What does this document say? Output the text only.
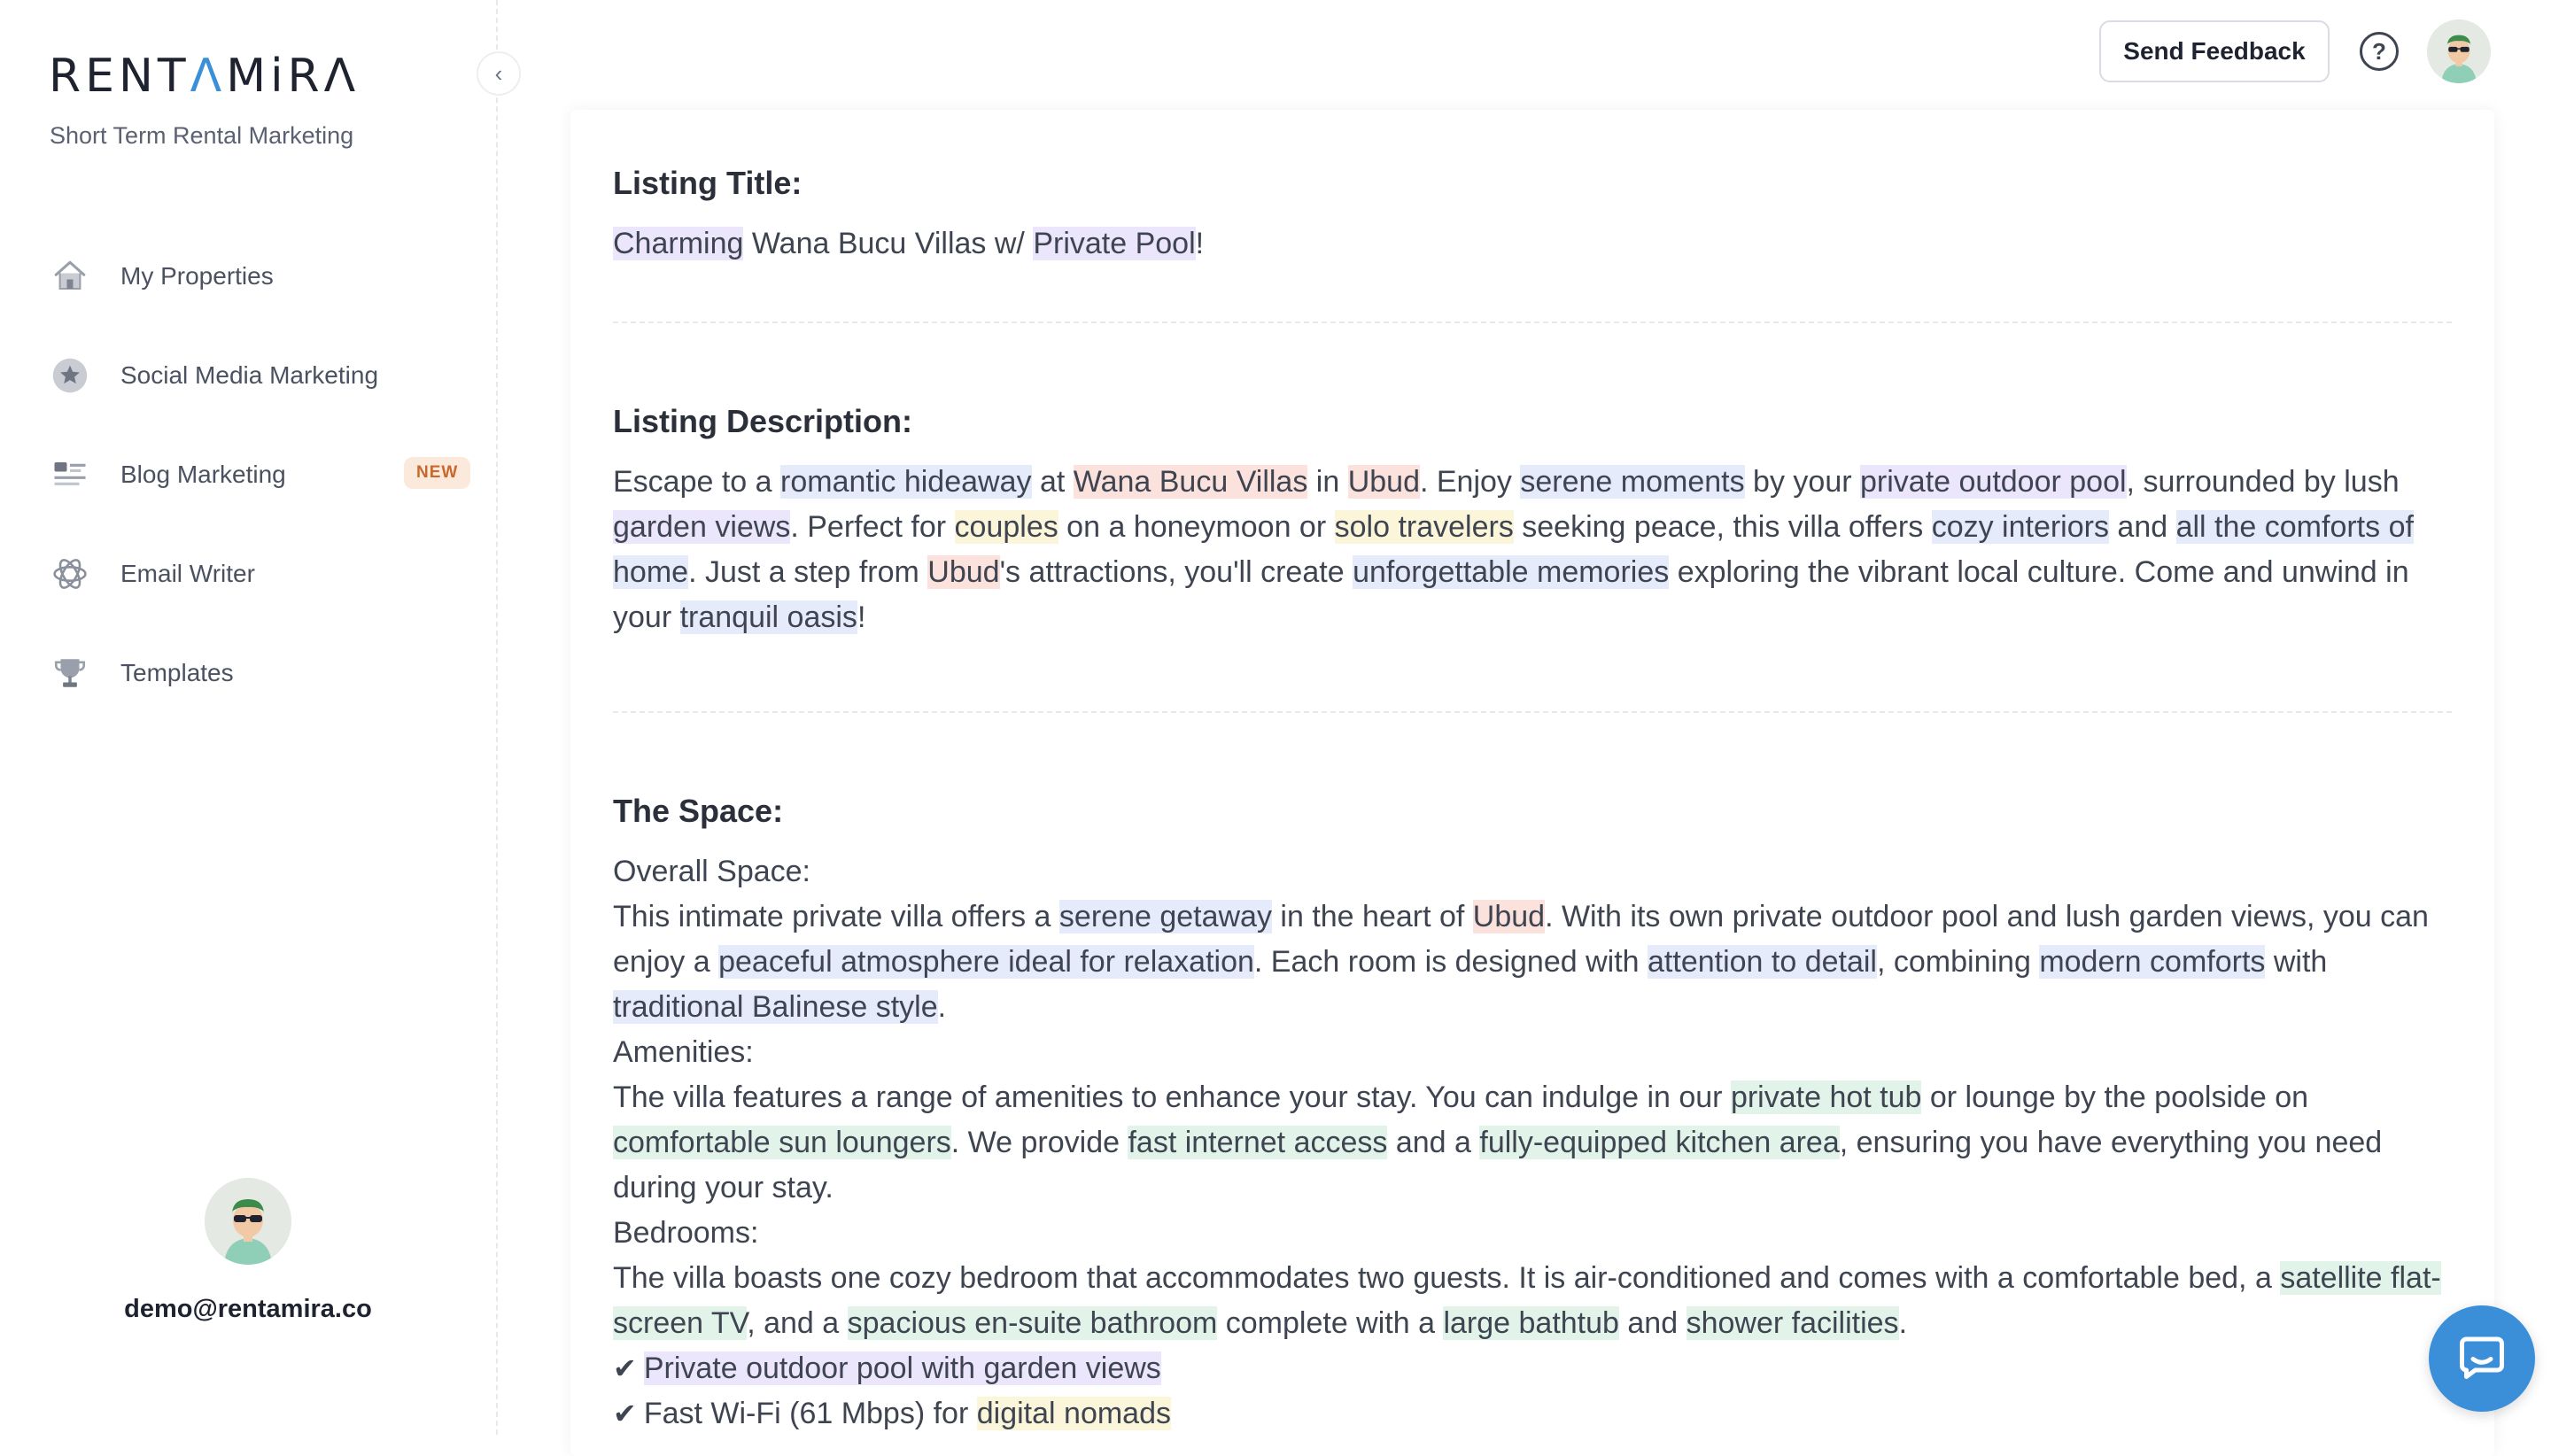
RENTΛMiRΛ
Short Term Rental Marketing
My Properties
Social Media Marketing
Blog Marketing	NEW
Email Writer
Templates
demo@rentamira.co
‹
Send Feedback	?
Listing Title:

Charming Wana Bucu Villas w/ Private Pool!

Listing Description:

Escape to a romantic hideaway at Wana Bucu Villas in Ubud. Enjoy serene moments by your private outdoor pool, surrounded by lush garden views. Perfect for couples on a honeymoon or solo travelers seeking peace, this villa offers cozy interiors and all the comforts of home. Just a step from Ubud's attractions, you'll create unforgettable memories exploring the vibrant local culture. Come and unwind in your tranquil oasis!

The Space:
Overall Space:
This intimate private villa offers a serene getaway in the heart of Ubud. With its own private outdoor pool and lush garden views, you can enjoy a peaceful atmosphere ideal for relaxation. Each room is designed with attention to detail, combining modern comforts with traditional Balinese style.
Amenities:
The villa features a range of amenities to enhance your stay. You can indulge in our private hot tub or lounge by the poolside on comfortable sun loungers. We provide fast internet access and a fully-equipped kitchen area, ensuring you have everything you need during your stay.
Bedrooms:
The villa boasts one cozy bedroom that accommodates two guests. It is air-conditioned and comes with a comfortable bed, a satellite flat-screen TV, and a spacious en-suite bathroom complete with a large bathtub and shower facilities.
✔ Private outdoor pool with garden views
✔ Fast Wi-Fi (61 Mbps) for digital nomads
